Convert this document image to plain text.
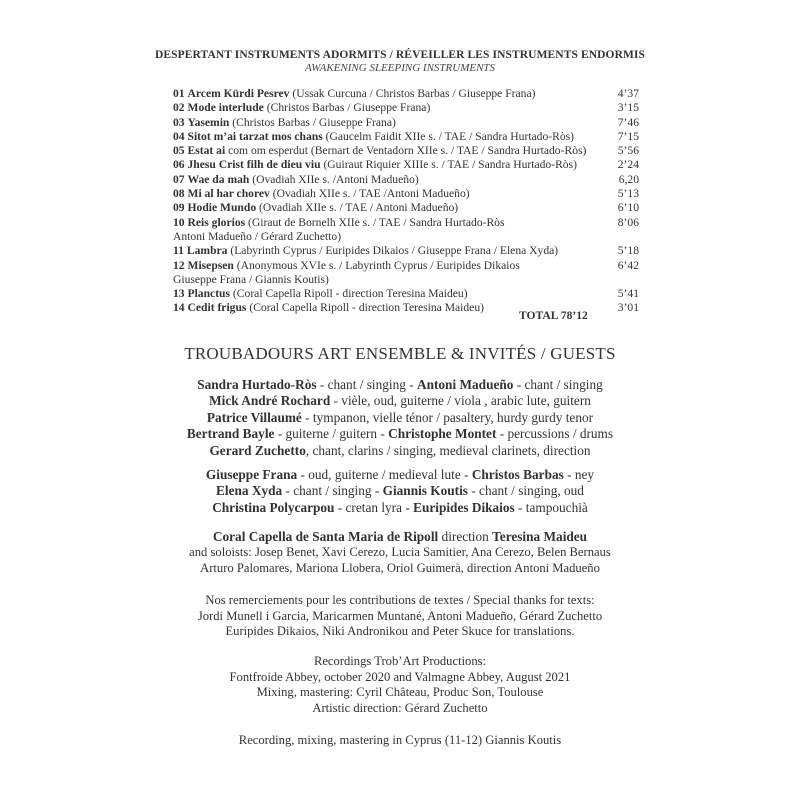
DESPERTANT INSTRUMENTS ADORMITS / RÉVEILLER LES INSTRUMENTS ENDORMIS
AWAKENING SLEEPING INSTRUMENTS
01 Arcem Kürdi Pesrev (Ussak Curcuna / Christos Barbas / Giuseppe Frana)	4’37
02 Mode interlude (Christos Barbas / Giuseppe Frana)	3’15
03 Yasemin (Christos Barbas / Giuseppe Frana)	7’46
04 Sitot m’ai tarzat mos chans (Gaucelm Faidit XIIe s. / TAE / Sandra Hurtado-Ròs)	7’15
05 Estat ai com om esperdut (Bernart de Ventadorn XIIe s. / TAE / Sandra Hurtado-Ròs)	5’56
06 Jhesu Crist filh de dieu viu (Guiraut Riquier XIIIe s. / TAE / Sandra Hurtado-Ròs)	2’24
07 Wae da mah (Ovadiah XIIe s. /Antoni Madueño)	6,20
08 Mi al har chorev (Ovadiah XIIe s. / TAE /Antoni Madueño)	5’13
09 Hodie Mundo (Ovadiah XIIe s. / TAE / Antoni Madueño)	6’10
10 Reis glorios (Giraut de Bornelh XIIe s. / TAE / Sandra Hurtado-Ròs	8’06
Antoni Madueño / Gérard Zuchetto)
11 Lambra (Labyrinth Cyprus / Euripides Dikaios / Giuseppe Frana / Elena Xyda)	5’18
12 Misepsen (Anonymous XVIe s. / Labyrinth Cyprus / Euripides Dikaios	6’42
Giuseppe Frana / Giannis Koutis)
13 Planctus (Coral Capella Ripoll - direction Teresina Maideu)	5’41
14 Cedit frigus (Coral Capella Ripoll - direction Teresina Maideu)	3’01
TOTAL 78’12
TROUBADOURS ART ENSEMBLE & INVITÉS / GUESTS

Sandra Hurtado-Ròs - chant / singing - Antoni Madueño - chant / singing

Mick André Rochard - vièle, oud, guiterne / viola , arabic lute, guitern

Patrice Villaumé - tympanon, vielle ténor / pasaltery, hurdy gurdy tenor

Bertrand Bayle - guiterne / guitern - Christophe Montet - percussions / drums

Gerard Zuchetto, chant, clarins / singing, medieval clarinets, direction

Giuseppe Frana - oud, guiterne / medieval lute - Christos Barbas - ney

Elena Xyda - chant / singing - Giannis Koutis - chant / singing, oud

Christina Polycarpou - cretan lyra - Euripides Dikaios - tampouchià

Coral Capella de Santa Maria de Ripoll direction Teresina Maideu

and soloists: Josep Benet, Xavi Cerezo, Lucia Samitier, Ana Cerezo, Belen Bernaus

Arturo Palomares, Mariona Llobera, Oriol Guimerà, direction Antoni Madueño

Nos remerciements pour les contributions de textes / Special thanks for texts:

Jordi Munell i Garcia, Maricarmen Muntané, Antoni Madueño, Gérard Zuchetto

Euripides Dikaios, Niki Andronikou and Peter Skuce for translations.

Recordings Trob’Art Productions:

Fontfroide Abbey, october 2020 and Valmagne Abbey, August 2021

Mixing, mastering: Cyril Château, Produc Son, Toulouse

Artistic direction: Gérard Zuchetto

Recording, mixing, mastering in Cyprus (11-12) Giannis Koutis
